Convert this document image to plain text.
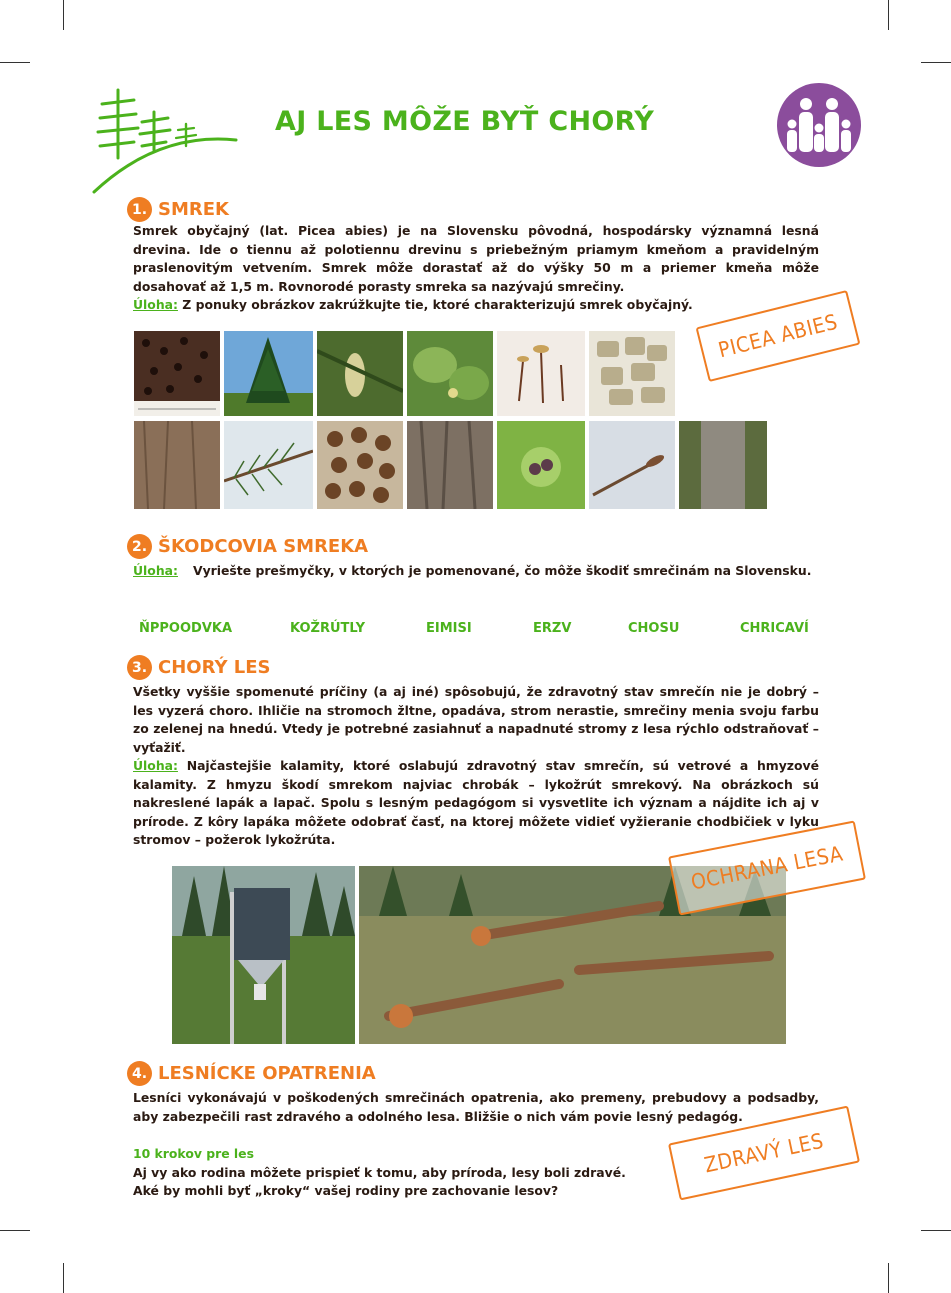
AJ LES MÔŽE BYŤ CHORÝ
1. SMREK

Smrek obyčajný (lat. Picea abies) je na Slovensku pôvodná, hospodársky významná lesná drevina. Ide o tiennu až polotiennu drevinu s priebežným priamym kmeňom a pravidelným praslenovitým vetvením. Smrek môže dorastať až do výšky 50 m a priemer kmeňa môže dosahovať až 1,5 m. Rovnorodé porasty smreka sa nazývajú smrečiny.
Úloha: Z ponuky obrázkov zakrúžkujte tie, ktoré charakterizujú smrek obyčajný.

PICEA ABIES
2. ŠKODCOVIA SMREKA
Úloha:	Vyriešte prešmyčky, v ktorých je pomenované, čo môže škodiť smrečinám na Slovensku.
ŇPPOODVKA	KOŽRÚTLY	EIMISI	ERZV	CHOSU	CHRICAVÍ
3. CHORÝ LES

Všetky vyššie spomenuté príčiny (a aj iné) spôsobujú, že zdravotný stav smrečín nie je dobrý – les vyzerá choro. Ihličie na stromoch žltne, opadáva, strom nerastie, smrečiny menia svoju farbu zo zelenej na hnedú. Vtedy je potrebné zasiahnuť a napadnuté stromy z lesa rýchlo odstraňovať – vyťažiť.
Úloha: Najčastejšie kalamity, ktoré oslabujú zdravotný stav smrečín, sú vetrové a hmyzové kalamity. Z hmyzu škodí smrekom najviac chrobák – lykožrút smrekový. Na obrázkoch sú nakreslené lapák a lapač. Spolu s lesným pedagógom si vysvetlite ich význam a nájdite ich aj v prírode. Z kôry lapáka môžete odobrať časť, na ktorej môžete vidieť vyžieranie chodbičiek v lyku stromov – požerok lykožrúta.

OCHRANA LESA
4. LESNÍCKE OPATRENIA

Lesníci vykonávajú v poškodených smrečinách opatrenia, ako premeny, prebudovy a podsadby, aby zabezpečili rast zdravého a odolného lesa. Bližšie o nich vám povie lesný pedagóg.

10 krokov pre les
Aj vy ako rodina môžete prispieť k tomu, aby príroda, lesy boli zdravé.
Aké by mohli byť „kroky“ vašej rodiny pre zachovanie lesov?

ZDRAVÝ LES
